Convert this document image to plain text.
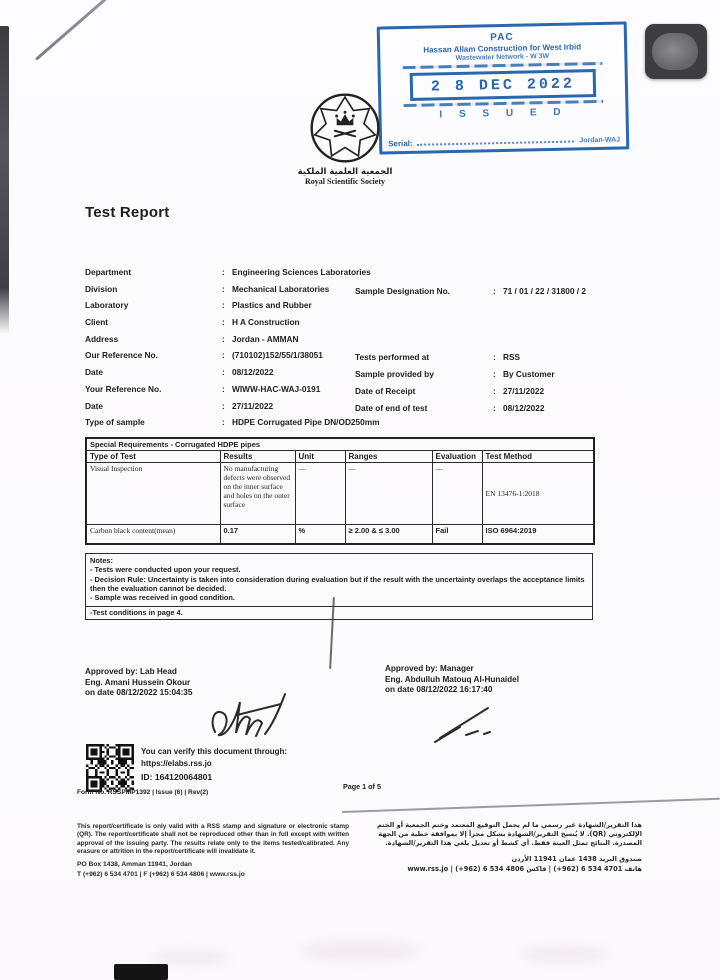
PAC
Hassan Allam Construction for West Irbid
Wastewater Network - W 3W
2 8 DEC 2022
I S S U E D
Serial:	Jordan-WAJ
الجمعية العلمية الملكية
Royal Scientific Society
Test Report
Department	: Engineering Sciences Laboratories
Division	: Mechanical Laboratories
Laboratory	: Plastics and Rubber
Client	: H A Construction
Address	: Jordan - AMMAN
Our Reference No.	: (710102)152/55/1/38051
Date	: 08/12/2022
Your Reference No.	: WIWW-HAC-WAJ-0191
Date	: 27/11/2022
Type of sample	: HDPE Corrugated Pipe DN/OD250mm
Sample Designation No.	: 71 / 01 / 22 / 31800 / 2
Tests performed at	: RSS
Sample provided by	: By Customer
Date of Receipt	: 27/11/2022
Date of end of test	: 08/12/2022
Special Requirements - Corrugated HDPE pipes					
Type of Test	Results	Unit	Ranges	Evaluation	Test Method
Visual Inspection	No manufacturing defects were observed on the inner surface and holes on the outer surface	—	—	—	EN 13476-1:2018
Carbon black content(mean)	0.17	%	≥ 2.00 & ≤ 3.00	Fail	ISO 6964:2019
Notes:
- Tests were conducted upon your request.
- Decision Rule: Uncertainty is taken into consideration during evaluation but if the result with the uncertainty overlaps the acceptance limits then the evaluation cannot be decided.
- Sample was received in good condition.
-Test conditions in page 4.
Approved by: Lab Head
Eng. Amani Hussein Okour
on date 08/12/2022 15:04:35
Approved by: Manager
Eng. Abdulluh Matouq Al-Hunaidel
on date 08/12/2022 16:17:40
You can verify this document through:
https://elabs.rss.jo
ID: 164120064801
Form No. RSSPMP1392 | Issue (6) | Rev(2)
Page 1 of 5
This report/certificate is only valid with a RSS stamp and signature or electronic stamp (QR). The report/certificate shall not be reproduced other than in full except with written approval of the issuing party. The results relate only to the items tested/calibrated. Any erasure or attrition in the report/certificate will invalidate it.
PO Box 1438, Amman 11941, Jordan
T (+962) 6 534 4701 | F (+962) 6 534 4806 | www.rss.jo
هذا التقرير/الشهادة غير رسمي ما لم يحمل التوقيع المعتمد وختم الجمعية أو الختم الإلكتروني (QR). لا يُنسخ التقرير/الشهادة بشكل مجزأ إلا بموافقة خطية من الجهة المصدرة. النتائج تمثل العينة فقط. أي كشط أو تعديل يلغي هذا التقرير/الشهادة.
صندوق البريد 1438 عمان 11941 الأردن
هاتف 4701 534 6 (962+) | فاكس 4806 534 6 (962+) | www.rss.jo
